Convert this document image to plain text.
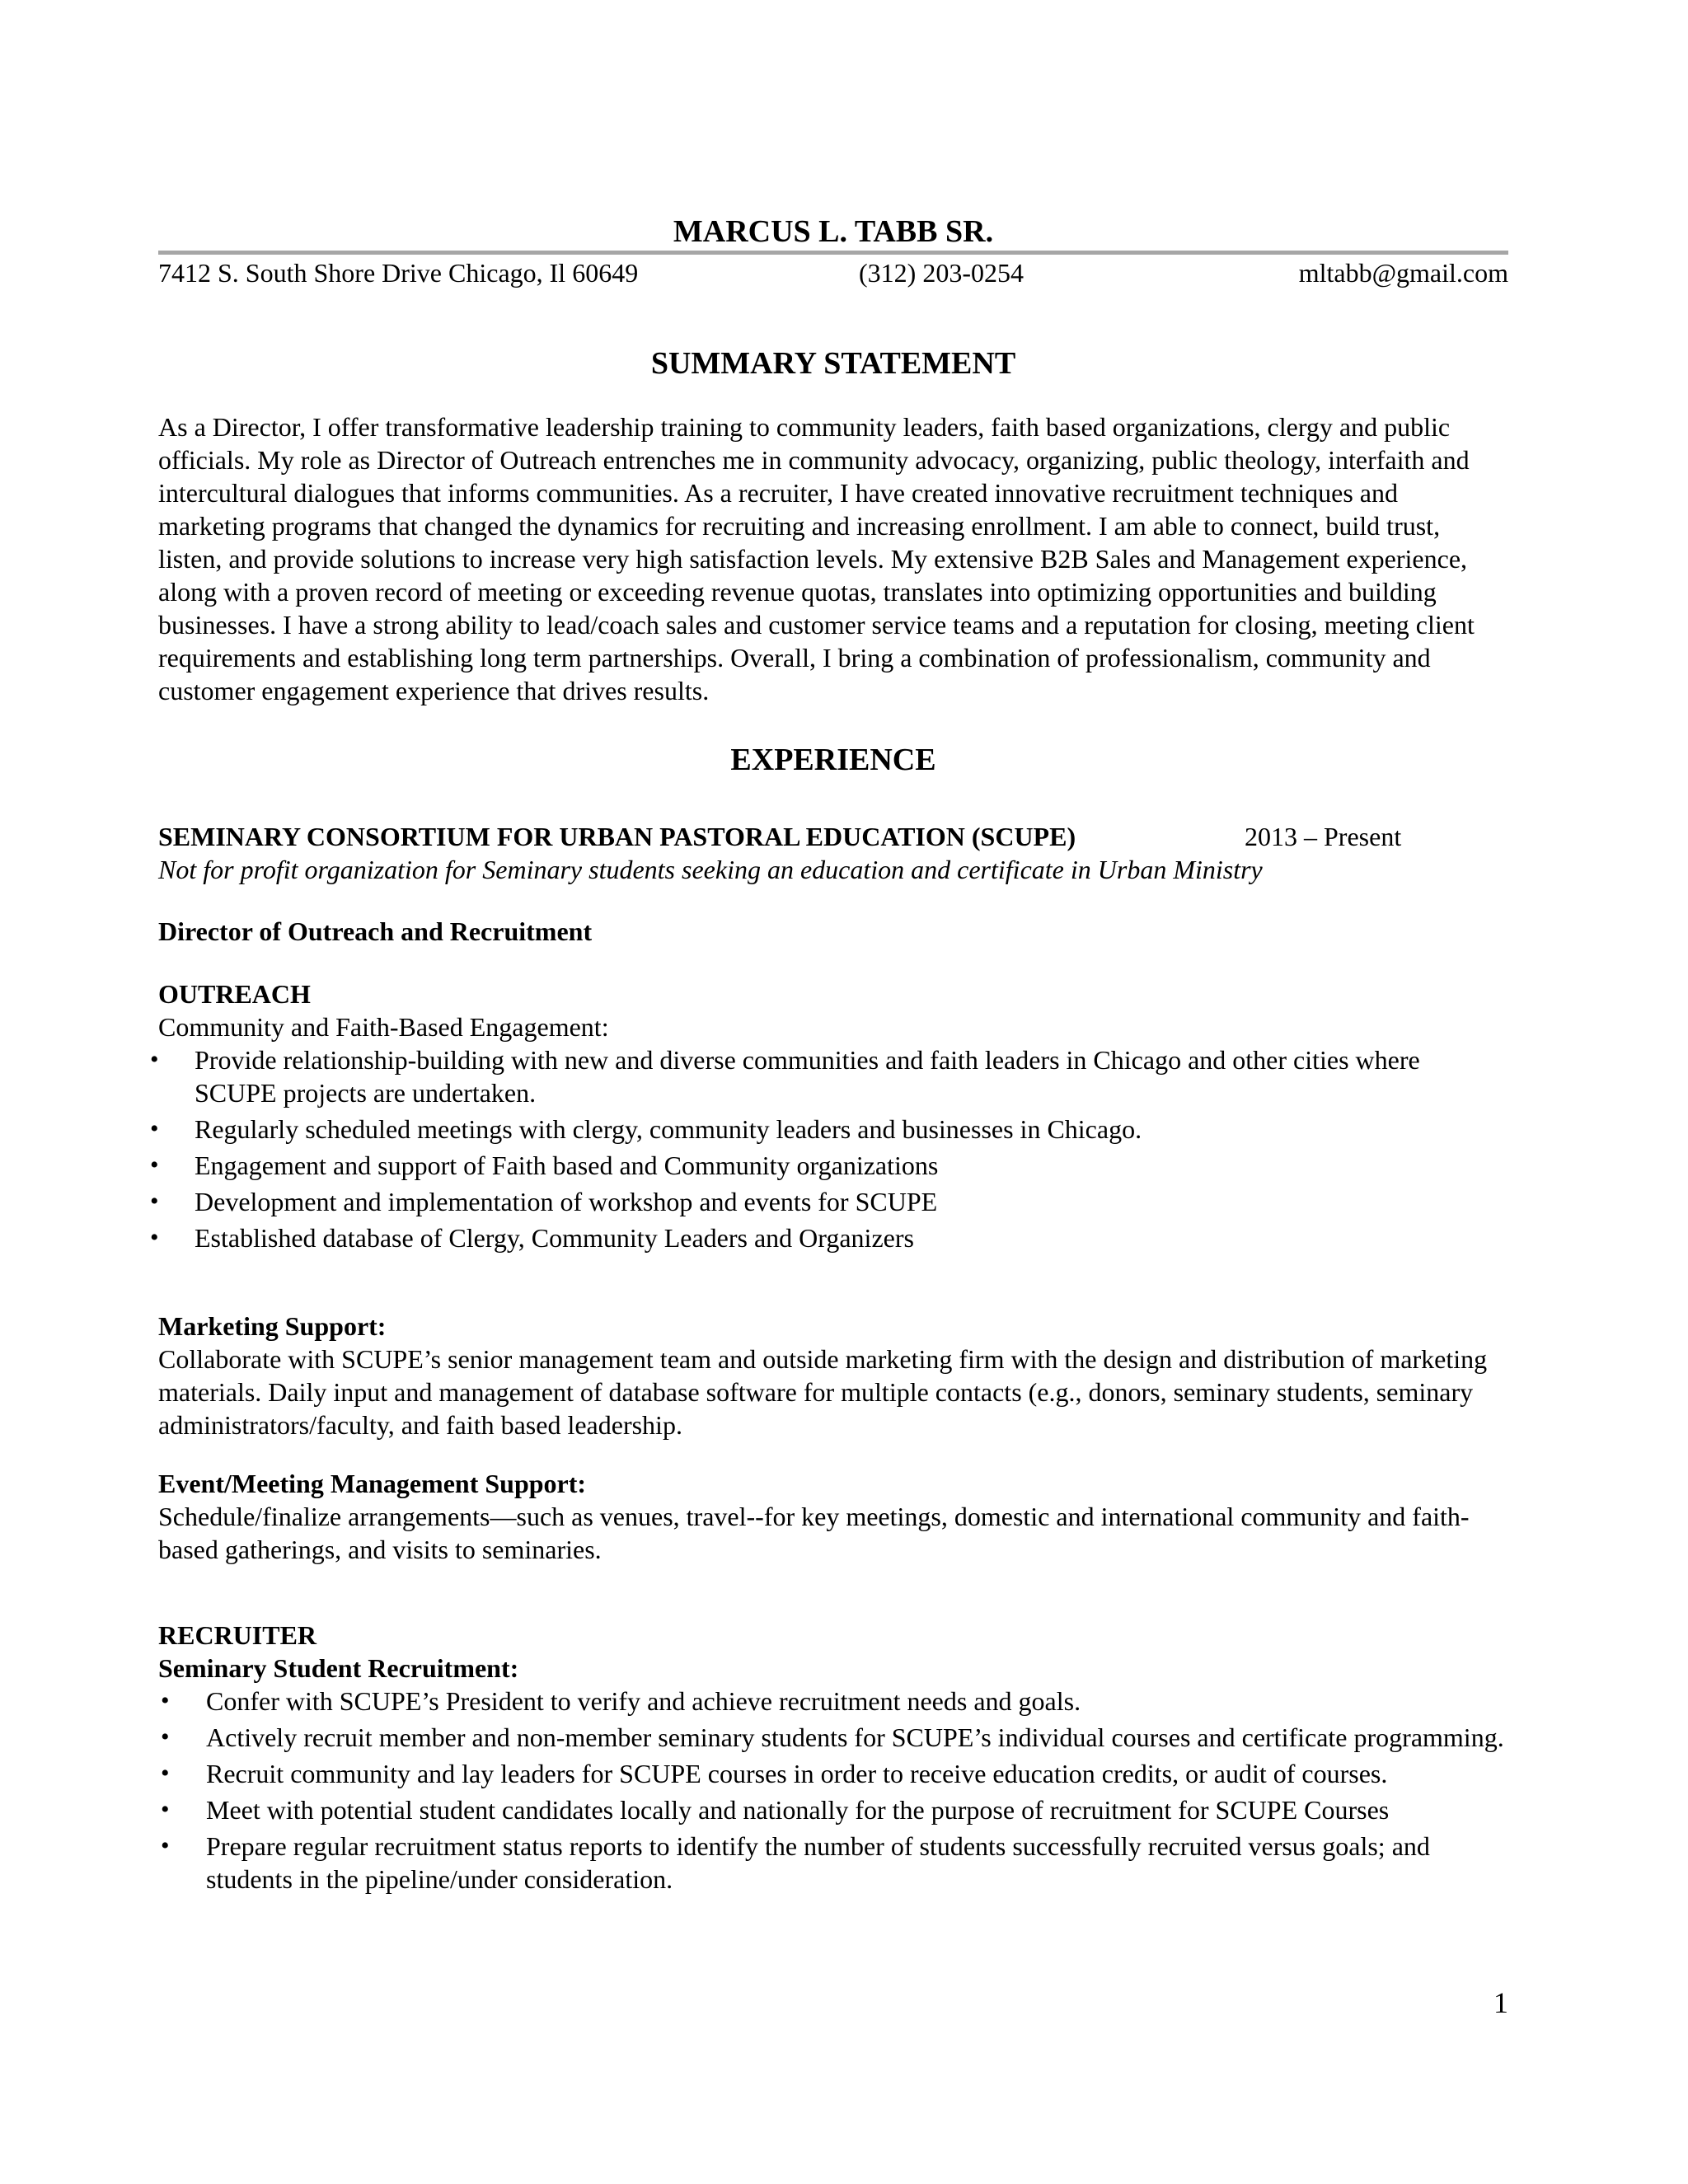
MARCUS L. TABB SR.
7412 S. South Shore Drive Chicago, Il 60649	(312) 203-0254	mltabb@gmail.com
SUMMARY STATEMENT

As a Director, I offer transformative leadership training to community leaders, faith based organizations, clergy and public officials. My role as Director of Outreach entrenches me in community advocacy, organizing, public theology, interfaith and intercultural dialogues that informs communities. As a recruiter, I have created innovative recruitment techniques and marketing programs that changed the dynamics for recruiting and increasing enrollment. I am able to connect, build trust, listen, and provide solutions to increase very high satisfaction levels. My extensive B2B Sales and Management experience, along with a proven record of meeting or exceeding revenue quotas, translates into optimizing opportunities and building businesses. I have a strong ability to lead/coach sales and customer service teams and a reputation for closing, meeting client requirements and establishing long term partnerships. Overall, I bring a combination of professionalism, community and customer engagement experience that drives results.

EXPERIENCE
SEMINARY CONSORTIUM FOR URBAN PASTORAL EDUCATION (SCUPE)	2013 – Present
Not for profit organization for Seminary students seeking an education and certificate in Urban Ministry
Director of Outreach and Recruitment
OUTREACH
Community and Faith-Based Engagement:
• Provide relationship-building with new and diverse communities and faith leaders in Chicago and other cities where SCUPE projects are undertaken.
• Regularly scheduled meetings with clergy, community leaders and businesses in Chicago.
• Engagement and support of Faith based and Community organizations
• Development and implementation of workshop and events for SCUPE
• Established database of Clergy, Community Leaders and Organizers
Marketing Support:

Collaborate with SCUPE’s senior management team and outside marketing firm with the design and distribution of marketing materials. Daily input and management of database software for multiple contacts (e.g., donors, seminary students, seminary administrators/faculty, and faith based leadership.

Event/Meeting Management Support:

Schedule/finalize arrangements—such as venues, travel--for key meetings, domestic and international community and faith-based gatherings, and visits to seminaries.

RECRUITER
Seminary Student Recruitment:
• Confer with SCUPE’s President to verify and achieve recruitment needs and goals.
• Actively recruit member and non-member seminary students for SCUPE’s individual courses and certificate programming.
• Recruit community and lay leaders for SCUPE courses in order to receive education credits, or audit of courses.
• Meet with potential student candidates locally and nationally for the purpose of recruitment for SCUPE Courses
• Prepare regular recruitment status reports to identify the number of students successfully recruited versus goals; and students in the pipeline/under consideration.
1
